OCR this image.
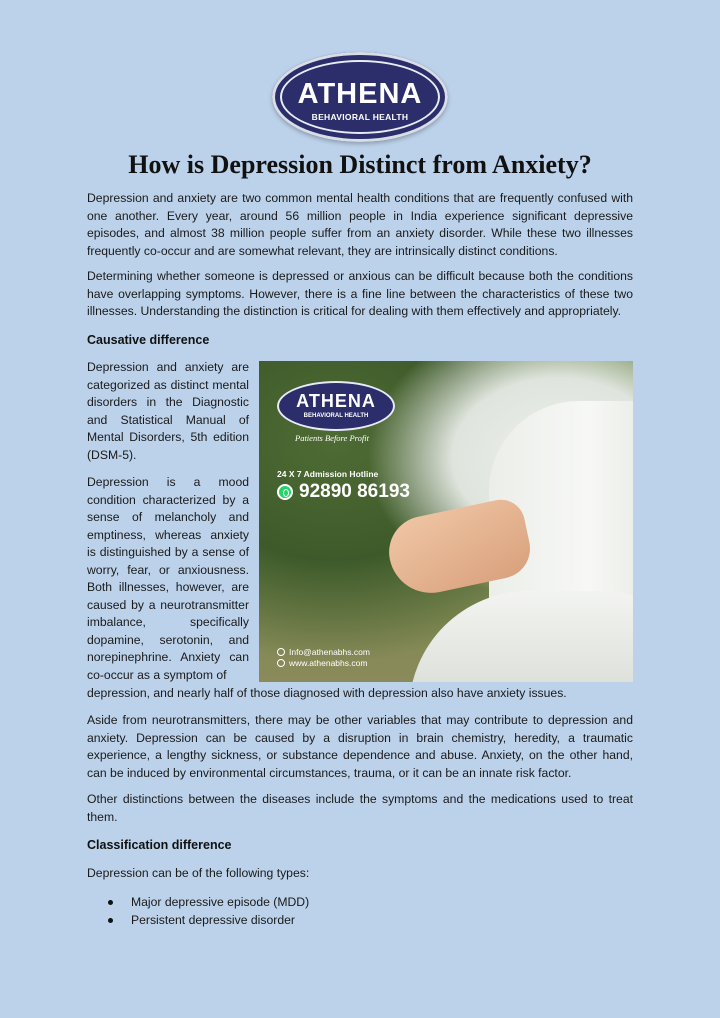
ATHENA
BEHAVIORAL HEALTH
How is Depression Distinct from Anxiety?

Depression and anxiety are two common mental health conditions that are frequently confused with one another. Every year, around 56 million people in India experience significant depressive episodes, and almost 38 million people suffer from an anxiety disorder. While these two illnesses frequently co-occur and are somewhat relevant, they are intrinsically distinct conditions.

Determining whether someone is depressed or anxious can be difficult because both the conditions have overlapping symptoms. However, there is a fine line between the characteristics of these two illnesses. Understanding the distinction is critical for dealing with them effectively and appropriately.

Causative difference

Depression and anxiety are categorized as distinct mental disorders in the Diagnostic and Statistical Manual of Mental Disorders, 5th edition (DSM-5).

Depression is a mood condition characterized by a sense of melancholy and emptiness, whereas anxiety is distinguished by a sense of worry, fear, or anxiousness. Both illnesses, however, are caused by a neurotransmitter imbalance, specifically dopamine, serotonin, and norepinephrine. Anxiety can co-occur as a symptom of

depression, and nearly half of those diagnosed with depression also have anxiety issues.

ATHENA
BEHAVIORAL HEALTH
Patients Before Profit
24 X 7 Admission Hotline
92890 86193
Info@athenabhs.com
www.athenabhs.com

Aside from neurotransmitters, there may be other variables that may contribute to depression and anxiety. Depression can be caused by a disruption in brain chemistry, heredity, a traumatic experience, a lengthy sickness, or substance dependence and abuse. Anxiety, on the other hand, can be induced by environmental circumstances, trauma, or it can be an innate risk factor.

Other distinctions between the diseases include the symptoms and the medications used to treat them.

Classification difference

Depression can be of the following types:

Major depressive episode (MDD)
Persistent depressive disorder
